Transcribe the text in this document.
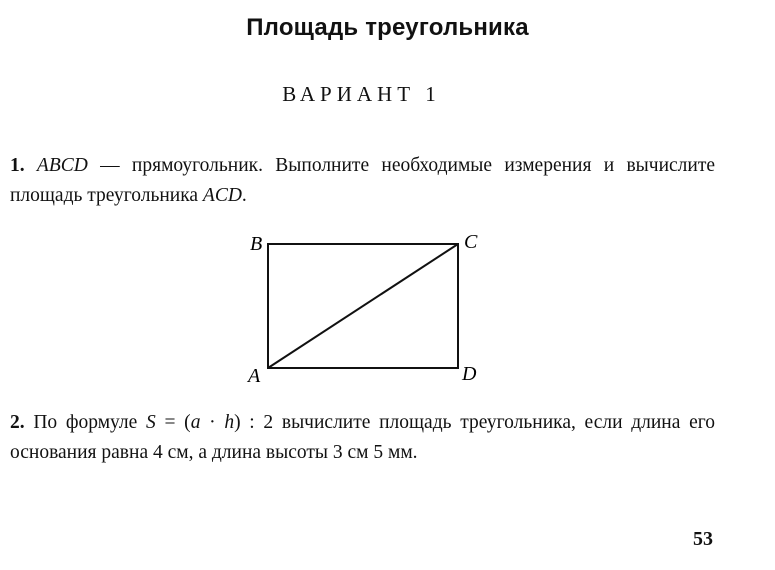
Площадь треугольника
ВАРИАНТ 1
1. ABCD — прямоугольник. Выполните необходимые измерения и вычислите площадь треугольника ACD.
B	C
A	D
2. По формуле S = (a · h) : 2 вычислите площадь треугольника, если длина его основания равна 4 см, а длина высоты 3 см 5 мм.
53
